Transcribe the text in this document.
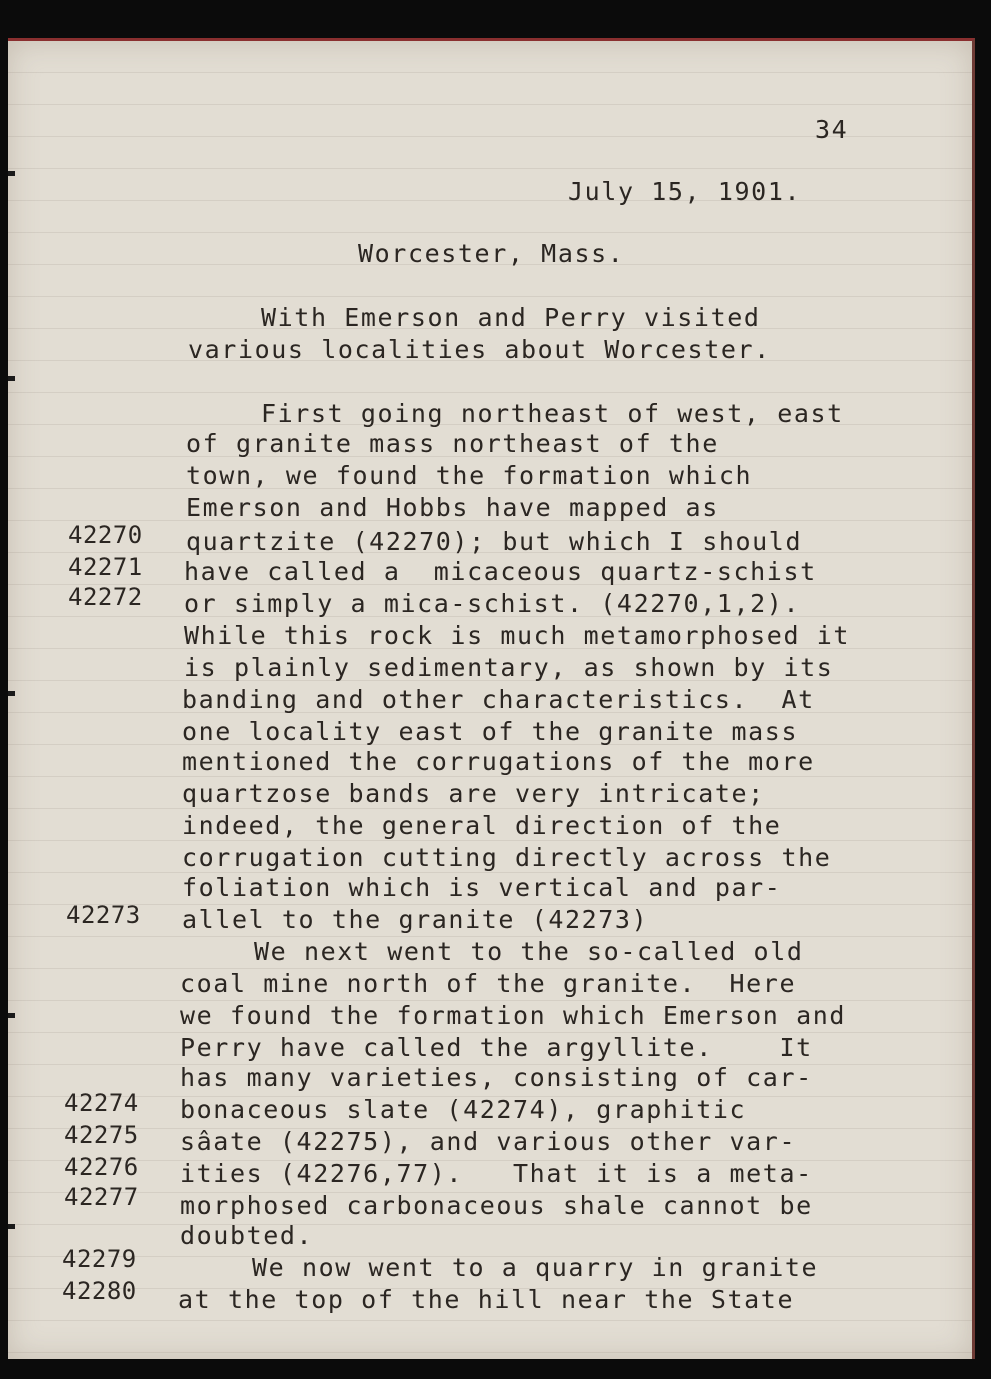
34
July 15, 1901.
Worcester, Mass.
With Emerson and Perry visited
various localities about Worcester.
First going northeast of west, east
of granite mass northeast of the
town, we found the formation which
Emerson and Hobbs have mapped as
quartzite (42270); but which I should
have called a  micaceous quartz-schist
or simply a mica-schist. (42270,1,2).
While this rock is much metamorphosed it
is plainly sedimentary, as shown by its
banding and other characteristics.  At
one locality east of the granite mass
mentioned the corrugations of the more
quartzose bands are very intricate;
indeed, the general direction of the
corrugation cutting directly across the
foliation which is vertical and par-
allel to the granite (42273)
We next went to the so-called old
coal mine north of the granite.  Here
we found the formation which Emerson and
Perry have called the argyllite.    It
has many varieties, consisting of car-
bonaceous slate (42274), graphitic
sâate (42275), and various other var-
ities (42276,77).   That it is a meta-
morphosed carbonaceous shale cannot be
doubted.
We now went to a quarry in granite
at the top of the hill near the State
42270
42271
42272
42273
42274
42275
42276
42277
42279
42280
